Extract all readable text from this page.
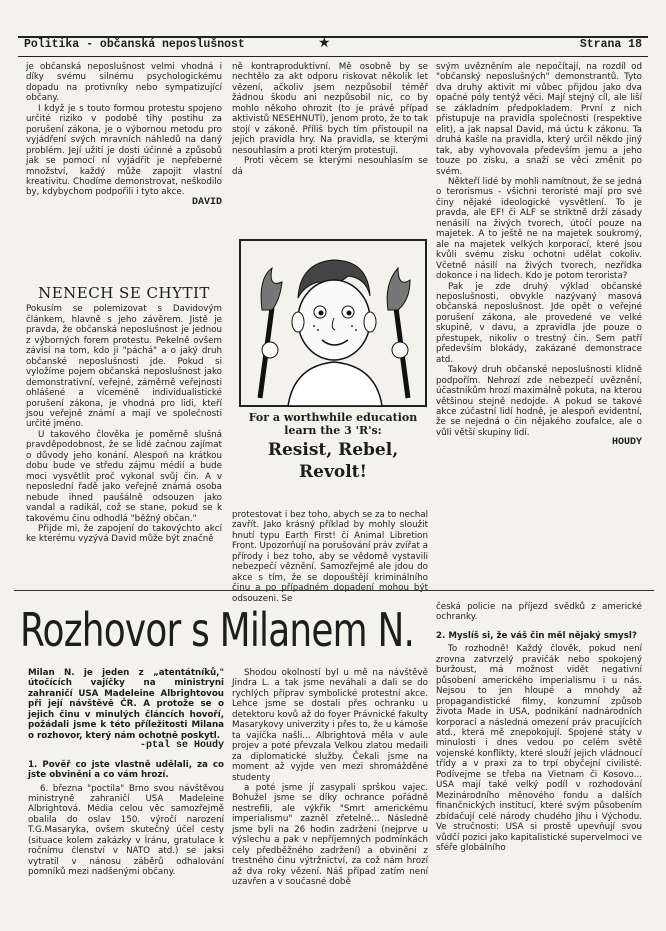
Politika - občanská neposlušnost	★	Strana 18

je občanská neposlušnost velmi vhodná i díky svému silnému psychologickému dopadu na protivníky nebo sympatizující občany.

I když je s touto formou protestu spojeno určité riziko v podobě tihy postihu za porušení zákona, je o výbornou metodu pro vyjádření svých mravních náhledů na daný problém. Její užití je dosti účinné a způsobů jak se pomocí ní vyjádřit je nepřeberné množství, každý může zapojit vlastní kreativitu. Chodíme demonstrovat, neškodilo by, kdybychom podpořili i tyto akce.

DAVID
NENECH SE CHYTIT

Pokusím se polemizovat s Davidovým článkem, hlavně s jeho závěrem. Jistě je pravda, že občanská neposlušnost je jednou z výborných forem protestu. Pekelně ovšem závisí na tom, kdo ji "páchá" a o jaký druh občanské neposlušnosti jde. Pokud si vyložíme pojem občanská neposlušnost jako demonstrativní, veřejné, záměrně veřejnosti ohlášené a víceméně individualistické porušení zákona, je vhodná pro lidi, kteří jsou veřejně známí a mají ve společnosti určité jméno.

U takového člověka je poměrně slušná pravděpodobnost, že se lidé začnou zajímat o důvody jeho konání. Alespoň na krátkou dobu bude ve středu zájmu médií a bude moci vysvětlit proč vykonal svůj čin. A v neposlední řadě jako veřejně známá osoba nebude ihned paušálně odsouzen jako vandal a radikál, což se stane, pokud se k takovému činu odhodlá "běžný občan."

Přijde mi, že zapojení do takovýchto akcí ke kterému vyzývá David může být značně

ně kontraproduktivní. Mě osobně by se nechtělo za akt odporu riskovat několik let vězení, ačkoliv jsem nezpůsobil téměř žádnou škodu ani nezpůsobil nic, co by mohlo někoho ohrozit (to je právě případ aktivistů NESEHNUTÍ), jenom proto, že to tak stojí v zákoně. Příliš bych tím přistoupil na jejich pravidla hry. Na pravidla, se kterými nesouhlasím a proti kterým protestuji.

Proti věcem se kterými nesouhlasím se dá

For a worthwhile education learn the 3 'R's:
Resist, Rebel, Revolt!

protestovat i bez toho, abych se za to nechal zavřít. Jako krásný příklad by mohly sloužit hnutí typu Earth First! či Animal Libretion Front. Upozorňují na porušování práv zvířat a přírody i bez toho, aby se vědomě vystavili nebezpečí věznění. Samozřejmě ale jdou do akce s tím, že se dopouštějí kriminálního činu a po případném dopadení mohou být odsouzeni. Se

svým uvězněním ale nepočítají, na rozdíl od "občanský neposlušných" demonstrantů. Tyto dva druhy aktivit mi vůbec přijdou jako dva opačné póly tentýž věci. Mají stejný cíl, ale liší se základním předpokladem. První z nich přistupuje na pravidla společnosti (respektive elit), a jak napsal David, má úctu k zákonu. Ta druhá kašle na pravidla, který určil někdo jiný tak, aby vyhovovala především jemu a jeho touze po zisku, a snaží se věci změnit po svém.

Někteří lidé by mohli namítnout, že se jedná o terorismus - všichni teroristé mají pro své činy nějaké ideologické vysvětlení. To je pravda, ale EF! či ALF se striktně drží zásady nenásilí na živých tvorech, útočí pouze na majetek. A to ještě ne na majetek soukromý, ale na majetek velkých korporací, které jsou kvůli svému zisku ochotni udělat cokoliv. Včetně násilí na živých tvorech, nezřídka dokonce i na lidech. Kdo je potom teroristа?

Pak je zde druhý výklad občanské neposlušnosti, obvykle nazývaný masová občanská neposlušnost. Jde opět o veřejné porušení zákona, ale provedené ve velké skupině, v davu, a zpravidla jde pouze o přestupek, nikoliv o trestný čin. Sem patří především blokády, zakázané demonstrace atd.

Takový druh občanské neposlušnosti klidně podpořím. Nehrozí zde nebezpečí uvěznění, účastníkům hrozí maximálně pokuta, na kterou většinou stejně nedojde. A pokud se takové akce zúčastní lidí hodně, je alespoň evidentní, že se nejedná o čin nějakého zoufalce, ale o vůli větší skupiny lidí.

HOUDY
Rozhovor s Milanem N.

Milan N. je jeden z „atentátníků," útočících vajíčky na ministryni zahraničí USA Madeleine Albrightovou při její návštěvě ČR. A protože se o jejich činu v minulých článcích hovoří, požádali jsme k této příležitosti Milana o rozhovor, který nám ochotně poskytl.

-ptal se Houdy

1. Pověř co jste vlastně udělali, za co jste obviněni a co vám hrozí.

6. března "poctila" Brno svou návštěvou ministryně zahraničí USA Madeleine Albrightová. Média celou věc samozřejmě obalila do oslav 150. výročí narození T.G.Masaryka, ovšem skutečný účel cesty (situace kolem zakázky v Íránu, gratulace k ročnímu členství v NATO atd.) se jaksi vytratil v nánosu záběrů odhalování pomníků mezi nadšenými občany.

Shodou okolností byl u mě na návštěvě Jindra L. a tak jsme neváhali a dali se do rychlých příprav symbolické protestní akce. Lehce jsme se dostali přes ochranku u detektoru kovů až do foyer Právnické fakulty Masarykovy univerzity i přes to, že u kámoše ta vajíčka našli... Albrightová měla v aule projev a poté převzala Velkou zlatou medaili za diplomatické služby. Čekali jsme na moment až vyjde ven mezi shromážděné studenty

a poté jsme jí zasypali sprškou vajec. Bohužel jsme se díky ochrance pořádně nestrefili, ale výkřik "Smrt americkému imperialismu" zazněl zřetelně... Následně jsme byli na 26 hodin zadrženi (nejprve u výslechu a pak v nepříjemných podmínkách cely předběžného zadržení) a obviněni z trestného činu výtržnictví, za což nám hrozí až dva roky vězení. Náš případ zatím není uzavřen a v současné době

česká policie na příjezd svědků z americké ochranky.

2. Myslíš si, že váš čin měl nějaký smysl?

To rozhodně! Každý člověk, pokud není zrovna zatvrzelý pravičák nebo spokojený buržoust, má možnost vidět negativní působení amerického imperialismu i u nás. Nejsou to jen hloupé a mnohdy až propagandistické filmy, konzumní způsob života Made in USA, podnikání nadnárodních korporací a následná omezení práv pracujících atd., která mě znepokojují. Spojené státy v minulosti i dnes vedou po celém světě vojenské konflikty, které slouží jejich vládnoucí třídy a v praxi za to trpí obyčejní civilisté. Podívejme se třeba na Vietnam či Kosovo... USA mají také velký podíl v rozhodování Mezinárodního měnového fondu a dalších finančnických institucí, které svým působením zbídačují celé národy chudého Jihu i Východu. Ve stručnosti: USA si prostě upevňují svou vůdčí pozici jako kapitalistické supervelmoci ve sféře globálního
